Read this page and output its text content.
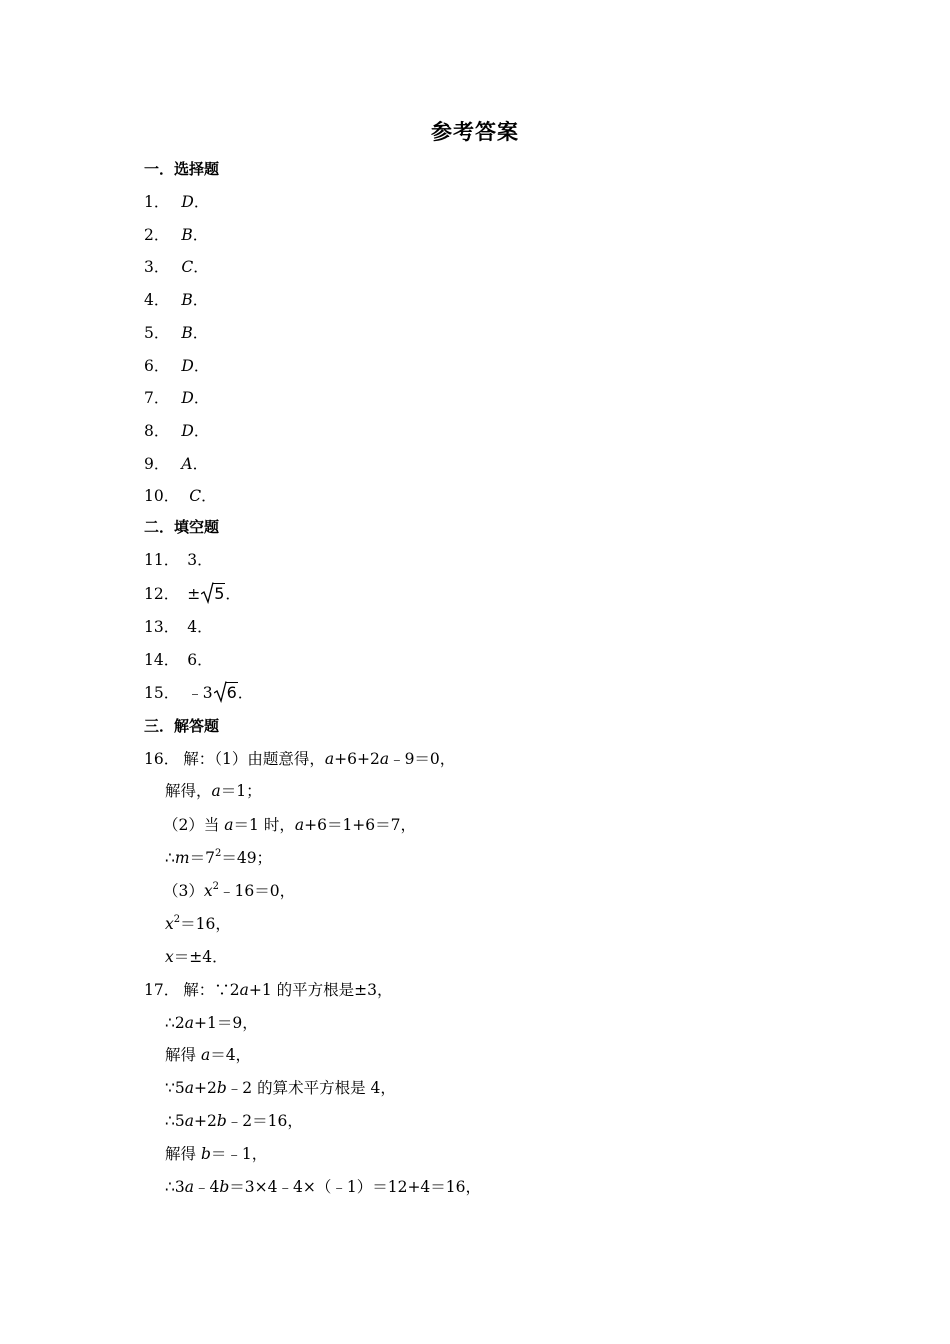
参考答案
一．选择题
1． D．
2． B．
3． C．
4． B．
5． B．
6． D．
7． D．
8． D．
9． A．
10． C．
二．填空题
11． 3．
12． ± 5．
13． 4．
14． 6．
15． ﹣3 6．
三．解答题
16． 解：（1）由题意得，a+6+2a﹣9＝0，
解得，a＝1；
（2）当 a＝1 时，a+6＝1+6＝7，
$\therefore m=7^2=49$；
$(3)x^2﹣16=0$，
$x^2=16$，
x＝±4．
17． 解：∵2a+1 的平方根是±3，
∴2a+1＝9，
解得 a＝4，
∵5a+2b﹣2 的算术平方根是 4，
∴5a+2b﹣2＝16，
解得 b＝﹣1，
∴3a﹣4b＝3×4﹣4×（﹣1）＝12+4＝16，
